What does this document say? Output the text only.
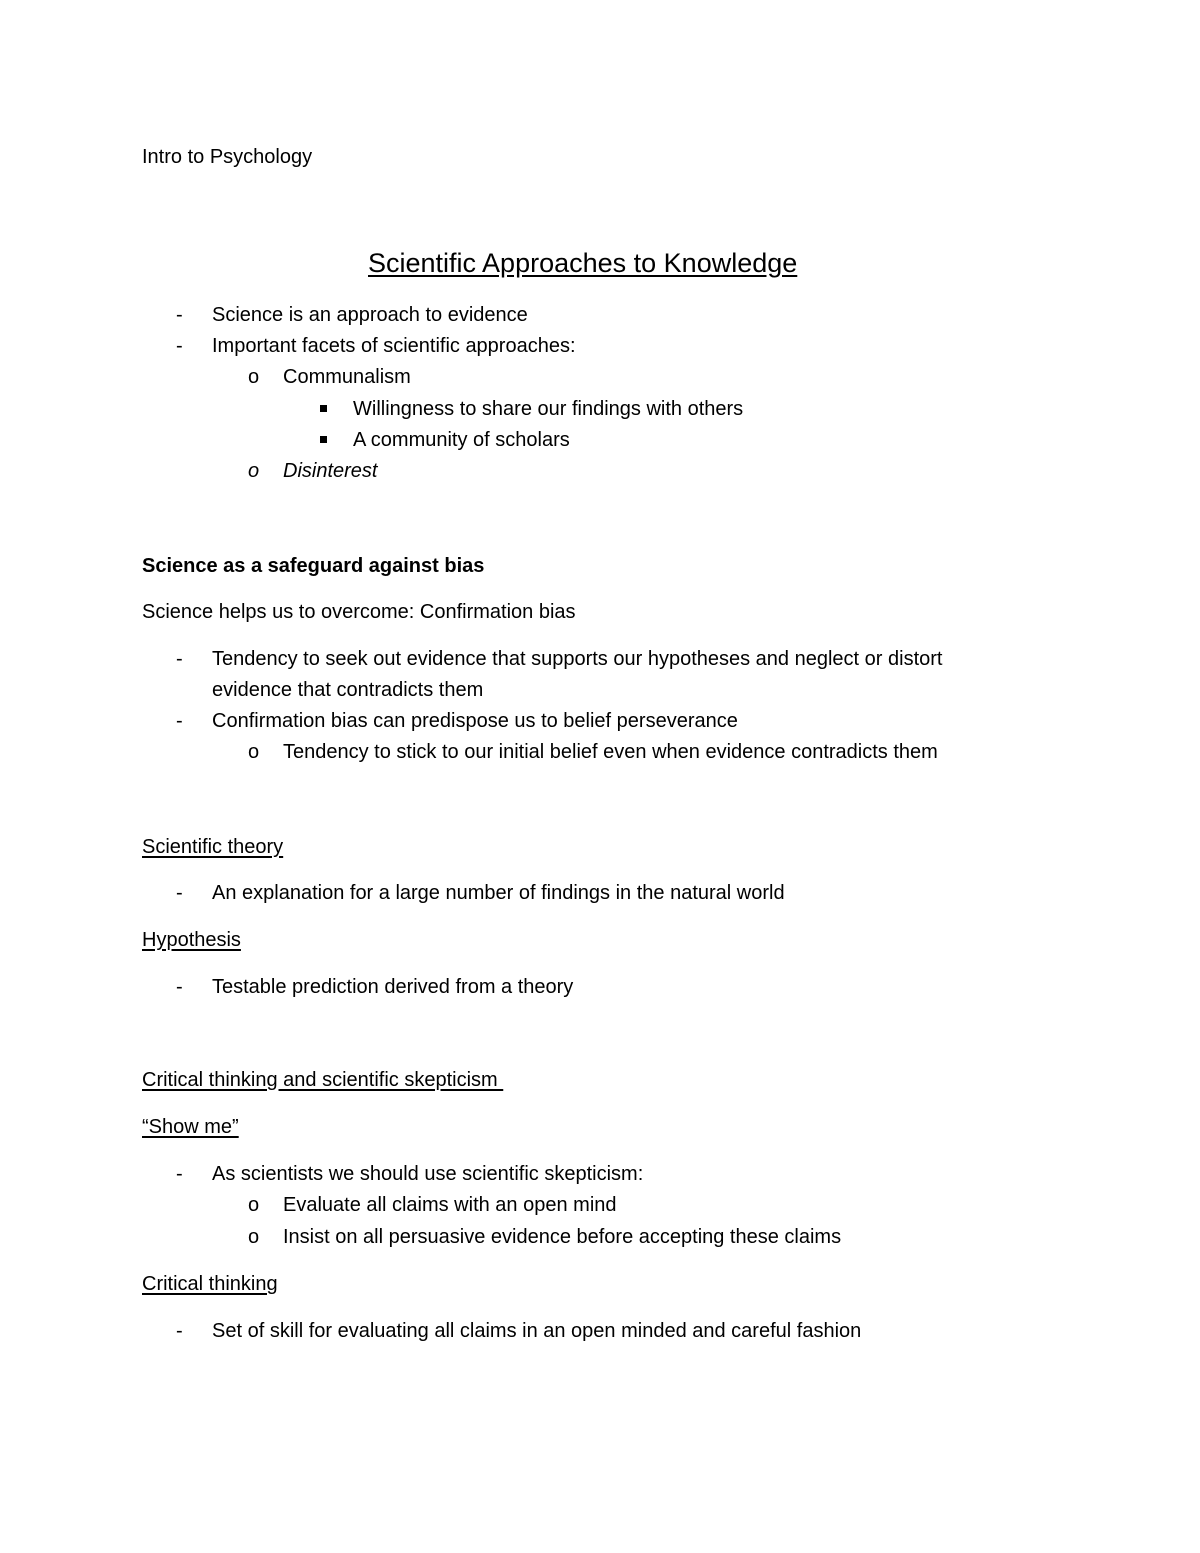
Intro to Psychology
Scientific Approaches to Knowledge
- Science is an approach to evidence
- Important facets of scientific approaches:
o Communalism
Willingness to share our findings with others
A community of scholars
o Disinterest
Science as a safeguard against bias
Science helps us to overcome: Confirmation bias
- Tendency to seek out evidence that supports our hypotheses and neglect or distort
evidence that contradicts them
- Confirmation bias can predispose us to belief perseverance
o Tendency to stick to our initial belief even when evidence contradicts them
Scientific theory
- An explanation for a large number of findings in the natural world
Hypothesis
- Testable prediction derived from a theory
Critical thinking and scientific skepticism
“Show me”
- As scientists we should use scientific skepticism:
o Evaluate all claims with an open mind
o Insist on all persuasive evidence before accepting these claims
Critical thinking
- Set of skill for evaluating all claims in an open minded and careful fashion
